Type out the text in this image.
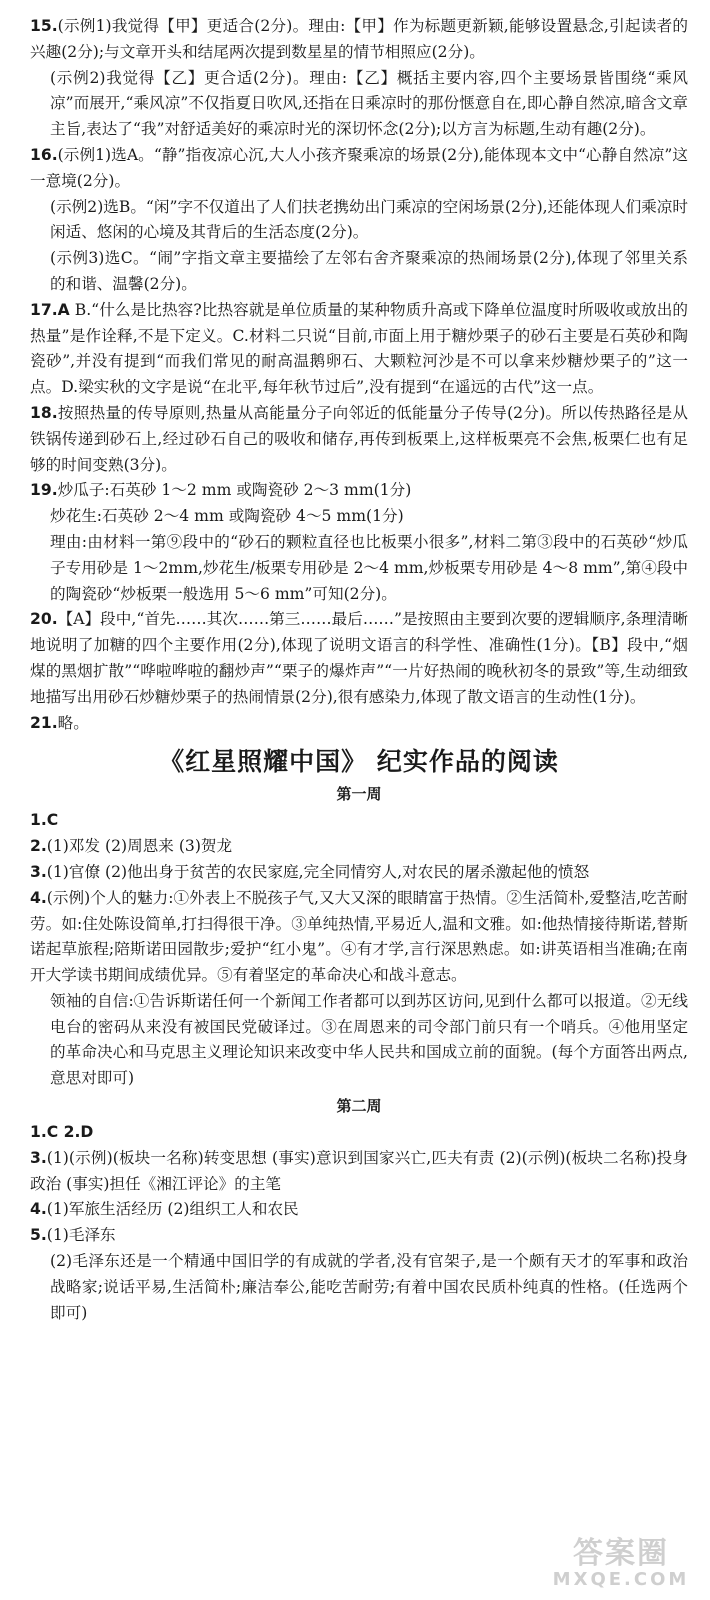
15.(示例1)我觉得【甲】更适合(2分)。理由:【甲】作为标题更新颖,能够设置悬念,引起读者的兴趣(2分);与文章开头和结尾两次提到数星星的情节相照应(2分)。

(示例2)我觉得【乙】更合适(2分)。理由:【乙】概括主要内容,四个主要场景皆围绕“乘风凉”而展开,“乘风凉”不仅指夏日吹风,还指在日乘凉时的那份惬意自在,即心静自然凉,暗含文章主旨,表达了“我”对舒适美好的乘凉时光的深切怀念(2分);以方言为标题,生动有趣(2分)。

16.(示例1)选A。“静”指夜凉心沉,大人小孩齐聚乘凉的场景(2分),能体现本文中“心静自然凉”这一意境(2分)。

(示例2)选B。“闲”字不仅道出了人们扶老携幼出门乘凉的空闲场景(2分),还能体现人们乘凉时闲适、悠闲的心境及其背后的生活态度(2分)。

(示例3)选C。“闹”字指文章主要描绘了左邻右舍齐聚乘凉的热闹场景(2分),体现了邻里关系的和谐、温馨(2分)。

17.A B.“什么是比热容?比热容就是单位质量的某种物质升高或下降单位温度时所吸收或放出的热量”是作诠释,不是下定义。C.材料二只说“目前,市面上用于糖炒栗子的砂石主要是石英砂和陶瓷砂”,并没有提到“而我们常见的耐高温鹅卵石、大颗粒河沙是不可以拿来炒糖炒栗子的”这一点。D.梁实秋的文字是说“在北平,每年秋节过后”,没有提到“在遥远的古代”这一点。

18.按照热量的传导原则,热量从高能量分子向邻近的低能量分子传导(2分)。所以传热路径是从铁锅传递到砂石上,经过砂石自己的吸收和储存,再传到板栗上,这样板栗亮不会焦,板栗仁也有足够的时间变熟(3分)。

19.炒瓜子:石英砂 1～2 mm 或陶瓷砂 2～3 mm(1分)

炒花生:石英砂 2～4 mm 或陶瓷砂 4～5 mm(1分)

理由:由材料一第⑨段中的“砂石的颗粒直径也比板栗小很多”,材料二第③段中的石英砂“炒瓜子专用砂是 1～2mm,炒花生/板栗专用砂是 2～4 mm,炒板栗专用砂是 4～8 mm”,第④段中的陶瓷砂“炒板栗一般选用 5～6 mm”可知(2分)。

20.【A】段中,“首先……其次……第三……最后……”是按照由主要到次要的逻辑顺序,条理清晰地说明了加糖的四个主要作用(2分),体现了说明文语言的科学性、准确性(1分)。【B】段中,“烟煤的黑烟扩散”“哗啦哗啦的翻炒声”“栗子的爆炸声”“一片好热闹的晚秋初冬的景致”等,生动细致地描写出用砂石炒糖炒栗子的热闹情景(2分),很有感染力,体现了散文语言的生动性(1分)。

21.略。

《红星照耀中国》 纪实作品的阅读
第一周

1.C

2.(1)邓发 (2)周恩来 (3)贺龙

3.(1)官僚 (2)他出身于贫苦的农民家庭,完全同情穷人,对农民的屠杀激起他的愤怒

4.(示例)个人的魅力:①外表上不脱孩子气,又大又深的眼睛富于热情。②生活简朴,爱整洁,吃苦耐劳。如:住处陈设简单,打扫得很干净。③单纯热情,平易近人,温和文雅。如:他热情接待斯诺,替斯诺起草旅程;陪斯诺田园散步;爱护“红小鬼”。④有才学,言行深思熟虑。如:讲英语相当准确;在南开大学读书期间成绩优异。⑤有着坚定的革命决心和战斗意志。

领袖的自信:①告诉斯诺任何一个新闻工作者都可以到苏区访问,见到什么都可以报道。②无线电台的密码从来没有被国民党破译过。③在周恩来的司令部门前只有一个哨兵。④他用坚定的革命决心和马克思主义理论知识来改变中华人民共和国成立前的面貌。(每个方面答出两点,意思对即可)

第二周

1.C 2.D

3.(1)(示例)(板块一名称)转变思想 (事实)意识到国家兴亡,匹夫有责 (2)(示例)(板块二名称)投身政治 (事实)担任《湘江评论》的主笔

4.(1)军旅生活经历 (2)组织工人和农民

5.(1)毛泽东

(2)毛泽东还是一个精通中国旧学的有成就的学者,没有官架子,是一个颇有天才的军事和政治战略家;说话平易,生活简朴;廉洁奉公,能吃苦耐劳;有着中国农民质朴纯真的性格。(任选两个即可)

答案圈
MXQE.COM
